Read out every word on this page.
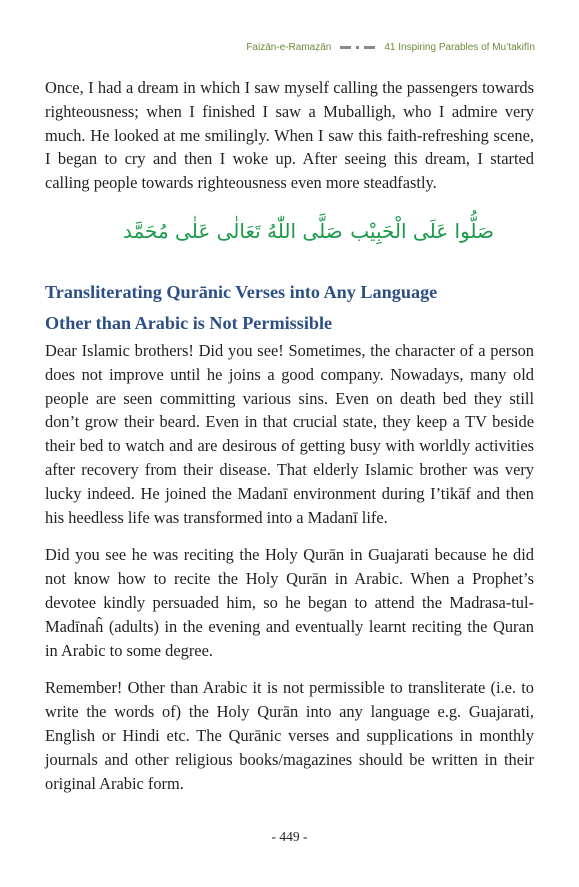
Faizān-e-Ramaẓān	41 Inspiring Parables of Mu’takifīn

Once, I had a dream in which I saw myself calling the passengers towards righteousness; when I finished I saw a Muballigh, who I admire very much. He looked at me smilingly. When I saw this faith-refreshing scene, I began to cry and then I woke up. After seeing this dream, I started calling people towards righteousness even more steadfastly.

صَلَّى اللّٰهُ تَعَالٰى عَلٰى مُحَمَّد صَلُّوا عَلَى الْحَبِيْب

Transliterating Qurānic Verses into Any Language

Other than Arabic is Not Permissible

Dear Islamic brothers! Did you see! Sometimes, the character of a person does not improve until he joins a good company. Nowadays, many old people are seen committing various sins. Even on death bed they still don’t grow their beard. Even in that crucial state, they keep a TV beside their bed to watch and are desirous of getting busy with worldly activities after recovery from their disease. That elderly Islamic brother was very lucky indeed. He joined the Madanī environment during I’tikāf and then his heedless life was transformed into a Madanī life.

Did you see he was reciting the Holy Qurān in Guajarati because he did not know how to recite the Holy Qurān in Arabic. When a Prophet’s devotee kindly persuaded him, so he began to attend the Madrasa-tul-Madīnaĥ (adults) in the evening and eventually learnt reciting the Quran in Arabic to some degree.

Remember! Other than Arabic it is not permissible to transliterate (i.e. to write the words of) the Holy Qurān into any language e.g. Guajarati, English or Hindi etc. The Qurānic verses and supplications in monthly journals and other religious books/magazines should be written in their original Arabic form.

- 449 -
